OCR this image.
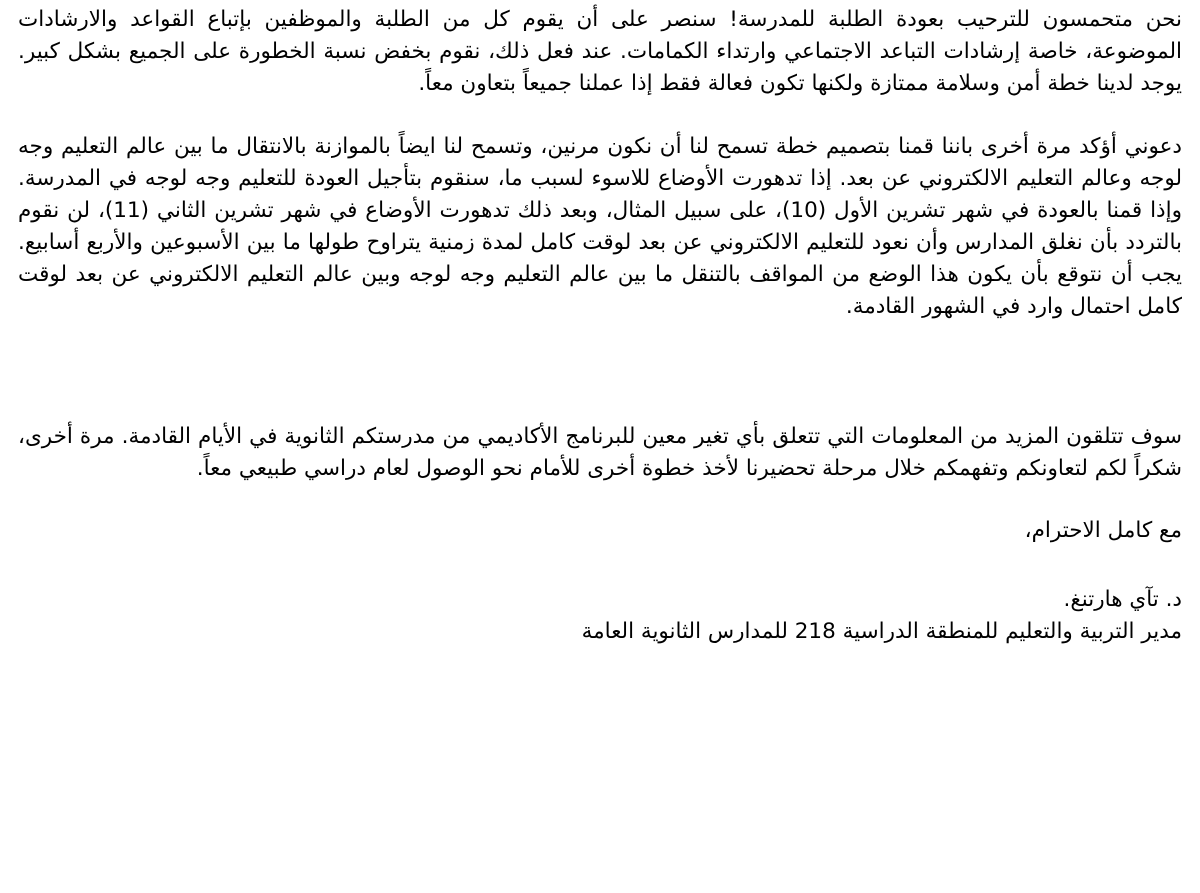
نحن متحمسون للترحيب بعودة الطلبة للمدرسة! سنصر على أن يقوم كل من الطلبة والموظفين بإتباع القواعد والارشادات الموضوعة، خاصة إرشادات التباعد الاجتماعي وارتداء الكمامات. عند فعل ذلك، نقوم بخفض نسبة الخطورة على الجميع بشكل كبير. يوجد لدينا خطة أمن وسلامة ممتازة ولكنها تكون فعالة فقط إذا عملنا جميعاً بتعاون معاً.

دعوني أؤكد مرة أخرى باننا قمنا بتصميم خطة تسمح لنا أن نكون مرنين، وتسمح لنا ايضاً بالموازنة بالانتقال ما بين عالم التعليم وجه لوجه وعالم التعليم الالكتروني عن بعد. إذا تدهورت الأوضاع للاسوء لسبب ما، سنقوم بتأجيل العودة للتعليم وجه لوجه في المدرسة. وإذا قمنا بالعودة في شهر تشرين الأول (10)، على سبيل المثال، وبعد ذلك تدهورت الأوضاع في شهر تشرين الثاني (11)، لن نقوم بالتردد بأن نغلق المدارس وأن نعود للتعليم الالكتروني عن بعد لوقت كامل لمدة زمنية يتراوح طولها ما بين الأسبوعين والأربع أسابيع. يجب أن نتوقع بأن يكون هذا الوضع من المواقف بالتنقل ما بين عالم التعليم وجه لوجه وبين عالم التعليم الالكتروني عن بعد لوقت كامل احتمال وارد في الشهور القادمة.

سوف تتلقون المزيد من المعلومات التي تتعلق بأي تغير معين للبرنامج الأكاديمي من مدرستكم الثانوية في الأيام القادمة. مرة أخرى، شكراً لكم لتعاونكم وتفهمكم خلال مرحلة تحضيرنا لأخذ خطوة أخرى للأمام نحو الوصول لعام دراسي طبيعي معاً.

مع كامل الاحترام،

د. تآي هارتنغ.

مدير التربية والتعليم للمنطقة الدراسية 218 للمدارس الثانوية العامة
